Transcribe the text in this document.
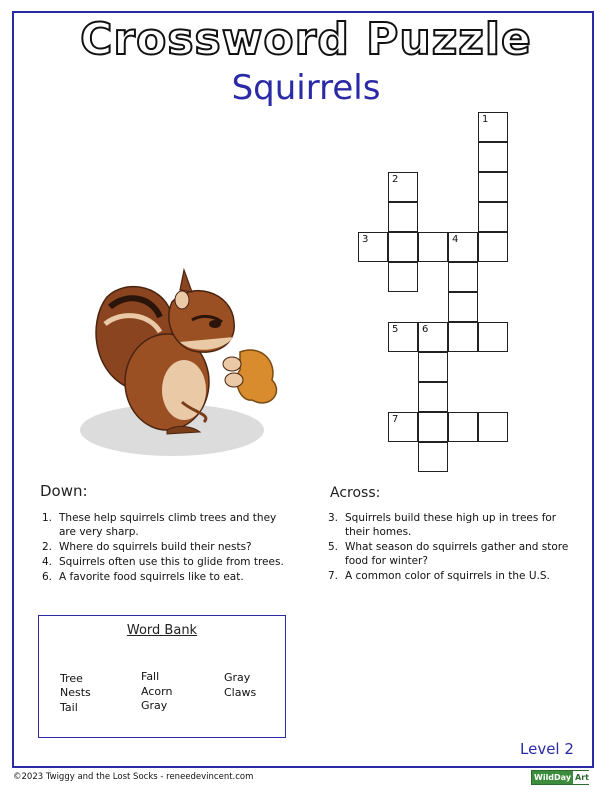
Crossword Puzzle
Squirrels
1
2
3	4
5 6
7
Down:
1. These help squirrels climb trees and they are very sharp.
2. Where do squirrels build their nests?
4. Squirrels often use this to glide from trees.
6. A favorite food squirrels like to eat.
Across:
3. Squirrels build these high up in trees for their homes.
5. What season do squirrels gather and store food for winter?
7. A common color of squirrels in the U.S.
Word Bank
Tree
Nests
Tail
Fall
Acorn
Gray
Gray
Claws
Level 2
©2023 Twiggy and the Lost Socks - reneedevincent.com	WildDay Art
